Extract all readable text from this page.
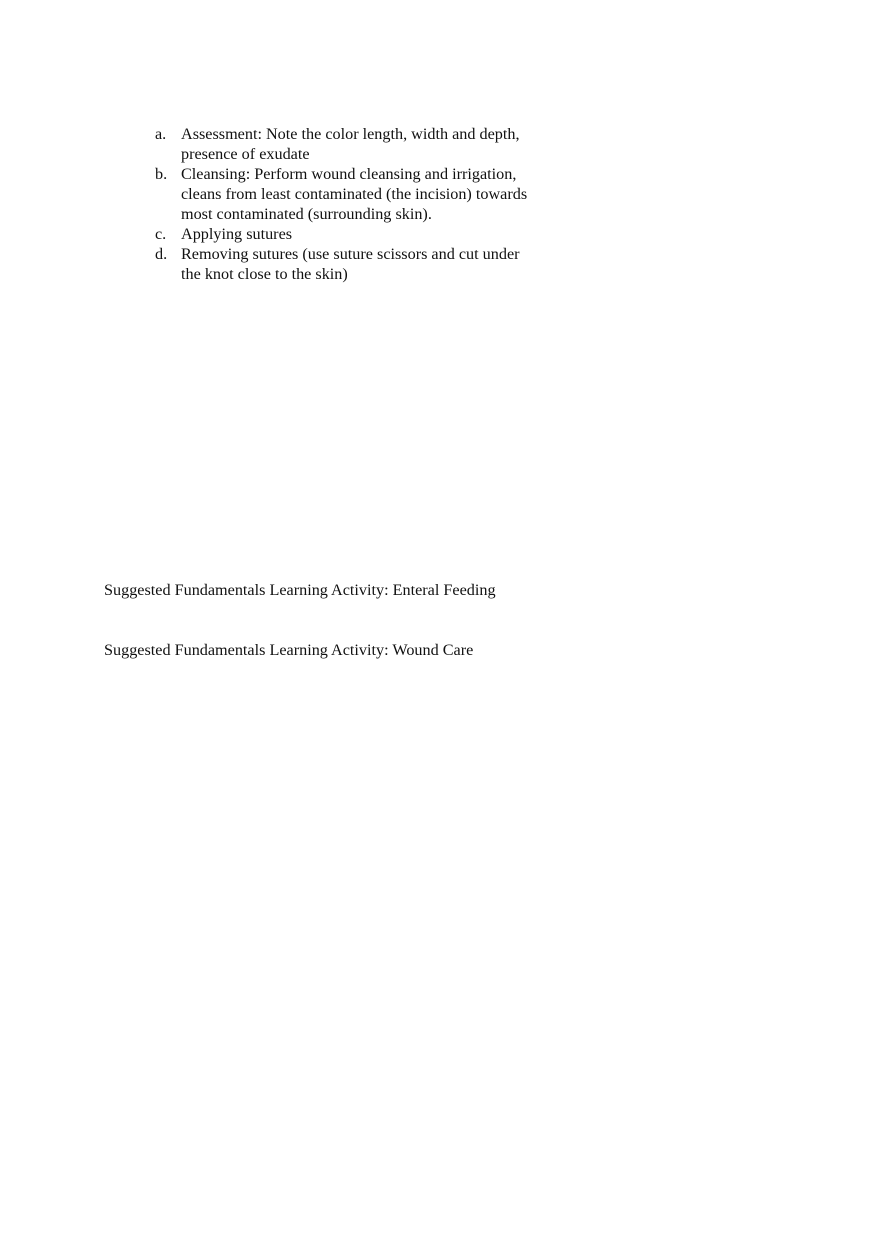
a. Assessment: Note the color length, width and depth,
presence of exudate
b. Cleansing: Perform wound cleansing and irrigation,
cleans from least contaminated (the incision) towards
most contaminated (surrounding skin).
c. Applying sutures
d. Removing sutures (use suture scissors and cut under
the knot close to the skin)
Suggested Fundamentals Learning Activity: Enteral Feeding
Suggested Fundamentals Learning Activity: Wound Care
